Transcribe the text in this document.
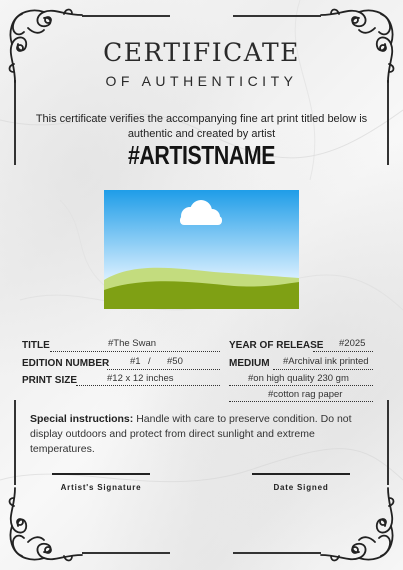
CERTIFICATE
OF AUTHENTICITY
This certificate verifies the accompanying fine art print titled below is
authentic and created by artist
#ARTISTNAME
TITLE	#The Swan
EDITION NUMBER #1 / #50
PRINT SIZE	#12 x 12 inches
YEAR OF RELEASE #2025
MEDIUM #Archival ink printed
#on high quality 230 gm
#cotton rag paper
Special instructions: Handle with care to preserve condition. Do not display outdoors and protect from direct sunlight and extreme temperatures.
Artist's Signature	Date Signed
